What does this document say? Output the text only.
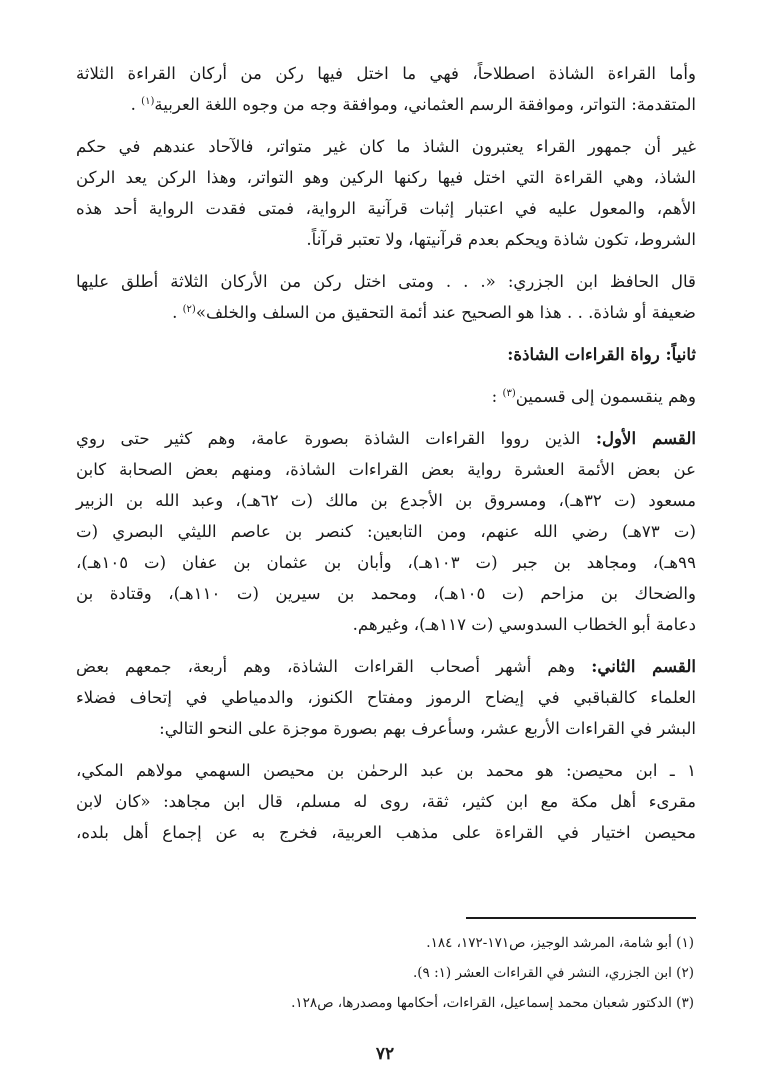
وأما القراءة الشاذة اصطلاحاً، فهي ما اختل فيها ركن من أركان القراءة الثلاثة
المتقدمة: التواتر، وموافقة الرسم العثماني، وموافقة وجه من وجوه اللغة العربية$^{(١)}$ .

غير أن جمهور القراء يعتبرون الشاذ ما كان غير متواتر، فالآحاد عندهم في حكم
الشاذ، وهي القراءة التي اختل فيها ركنها الركين وهو التواتر، وهذا الركن يعد الركن
الأهم، والمعول عليه في اعتبار إثبات قرآنية الرواية، فمتى فقدت الرواية أحد هذه
الشروط، تكون شاذة ويحكم بعدم قرآنيتها، ولا تعتبر قرآناً.

قال الحافظ ابن الجزري: «. . . ومتى اختل ركن من الأركان الثلاثة أطلق عليها
ضعيفة أو شاذة. . . هذا هو الصحيح عند أئمة التحقيق من السلف والخلف»$^{(٢)}$ .

ثانياً: رواة القراءات الشاذة:

وهم ينقسمون إلى قسمين$^{(٣)}$ :

القسم الأول: الذين رووا القراءات الشاذة بصورة عامة، وهم كثير حتى روي
عن بعض الأئمة العشرة رواية بعض القراءات الشاذة، ومنهم بعض الصحابة كابن
مسعود (ت ٣٢هـ)، ومسروق بن الأجدع بن مالك (ت ٦٢هـ)، وعبد الله بن الزبير
(ت ٧٣هـ) رضي الله عنهم، ومن التابعين: كنصر بن عاصم الليثي البصري (ت
٩٩هـ)، ومجاهد بن جبر (ت ١٠٣هـ)، وأبان بن عثمان بن عفان (ت ١٠٥هـ)،
والضحاك بن مزاحم (ت ١٠٥هـ)، ومحمد بن سيرين (ت ١١٠هـ)، وقتادة بن
دعامة أبو الخطاب السدوسي (ت ١١٧هـ)، وغيرهم.

القسم الثاني: وهم أشهر أصحاب القراءات الشاذة، وهم أربعة، جمعهم بعض
العلماء كالقباقبي في إيضاح الرموز ومفتاح الكنوز، والدمياطي في إتحاف فضلاء
البشر في القراءات الأربع عشر، وسأعرف بهم بصورة موجزة على النحو التالي:

١ ـ ابن محيصن: هو محمد بن عبد الرحمٰن بن محيصن السهمي مولاهم المكي،
مقرىء أهل مكة مع ابن كثير، ثقة، روى له مسلم، قال ابن مجاهد: «كان لابن
محيصن اختيار في القراءة على مذهب العربية، فخرج به عن إجماع أهل بلده،

(١) أبو شامة، المرشد الوجيز، ص١٧١-١٧٢، ١٨٤.

(٢) ابن الجزري، النشر في القراءات العشر (١: ٩).

(٣) الدكتور شعبان محمد إسماعيل، القراءات، أحكامها ومصدرها، ص١٢٨.

٧٢
